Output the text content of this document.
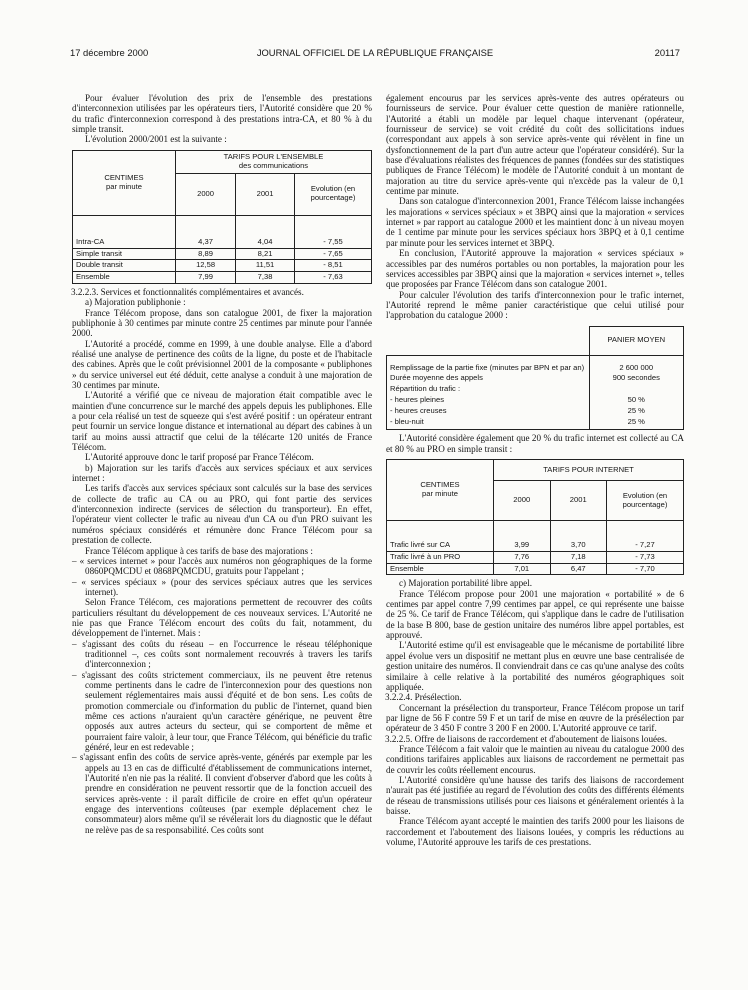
17 décembre 2000	JOURNAL OFFICIEL DE LA RÉPUBLIQUE FRANÇAISE	20117

Pour évaluer l'évolution des prix de l'ensemble des prestations d'interconnexion utilisées par les opérateurs tiers, l'Autorité considère que 20 % du trafic d'interconnexion correspond à des prestations intra-CA, et 80 % à du simple transit.

L'évolution 2000/2001 est la suivante :

CENTIMES
par minute	TARIFS POUR L'ENSEMBLE
des communications		
	2000	2001	Evolution (en pourcentage)
Intra-CA	4,37	4,04	- 7,55
Simple transit	8,89	8,21	- 7,65
Double transit	12,58	11,51	- 8,51
Ensemble	7,99	7,38	- 7,63

3.2.2.3. Services et fonctionnalités complémentaires et avancés.

a) Majoration publiphonie :

France Télécom propose, dans son catalogue 2001, de fixer la majoration publiphonie à 30 centimes par minute contre 25 centimes par minute pour l'année 2000.

L'Autorité a procédé, comme en 1999, à une double analyse. Elle a d'abord réalisé une analyse de pertinence des coûts de la ligne, du poste et de l'habitacle des cabines. Après que le coût prévisionnel 2001 de la composante « publiphones » du service universel eut été déduit, cette analyse a conduit à une majoration de 30 centimes par minute.

L'Autorité a vérifié que ce niveau de majoration était compatible avec le maintien d'une concurrence sur le marché des appels depuis les publiphones. Elle a pour cela réalisé un test de squeeze qui s'est avéré positif : un opérateur entrant peut fournir un service longue distance et international au départ des cabines à un tarif au moins aussi attractif que celui de la télécarte 120 unités de France Télécom.

L'Autorité approuve donc le tarif proposé par France Télécom.

b) Majoration sur les tarifs d'accès aux services spéciaux et aux services internet :

Les tarifs d'accès aux services spéciaux sont calculés sur la base des services de collecte de trafic au CA ou au PRO, qui font partie des services d'interconnexion indirecte (services de sélection du transporteur). En effet, l'opérateur vient collecter le trafic au niveau d'un CA ou d'un PRO suivant les numéros spéciaux considérés et rémunère donc France Télécom pour sa prestation de collecte.

France Télécom applique à ces tarifs de base des majorations :

– « services internet » pour l'accès aux numéros non géographiques de la forme 0860PQMCDU et 0868PQMCDU, gratuits pour l'appelant ;

– « services spéciaux » (pour des services spéciaux autres que les services internet).

Selon France Télécom, ces majorations permettent de recouvrer des coûts particuliers résultant du développement de ces nouveaux services. L'Autorité ne nie pas que France Télécom encourt des coûts du fait, notamment, du développement de l'internet. Mais :

– s'agissant des coûts du réseau – en l'occurrence le réseau téléphonique traditionnel –, ces coûts sont normalement recouvrés à travers les tarifs d'interconnexion ;

– s'agissant des coûts strictement commerciaux, ils ne peuvent être retenus comme pertinents dans le cadre de l'interconnexion pour des questions non seulement réglementaires mais aussi d'équité et de bon sens. Les coûts de promotion commerciale ou d'information du public de l'internet, quand bien même ces actions n'auraient qu'un caractère générique, ne peuvent être opposés aux autres acteurs du secteur, qui se comportent de même et pourraient faire valoir, à leur tour, que France Télécom, qui bénéficie du trafic généré, leur en est redevable ;

– s'agissant enfin des coûts de service après-vente, générés par exemple par les appels au 13 en cas de difficulté d'établissement de communications internet, l'Autorité n'en nie pas la réalité. Il convient d'observer d'abord que les coûts à prendre en considération ne peuvent ressortir que de la fonction accueil des services après-vente : il paraît difficile de croire en effet qu'un opérateur engage des interventions coûteuses (par exemple déplacement chez le consommateur) alors même qu'il se révélerait lors du diagnostic que le défaut ne relève pas de sa responsabilité. Ces coûts sont

également encourus par les services après-vente des autres opérateurs ou fournisseurs de service. Pour évaluer cette question de manière rationnelle, l'Autorité a établi un modèle par lequel chaque intervenant (opérateur, fournisseur de service) se voit crédité du coût des sollicitations indues (correspondant aux appels à son service après-vente qui révèlent in fine un dysfonctionnement de la part d'un autre acteur que l'opérateur considéré). Sur la base d'évaluations réalistes des fréquences de pannes (fondées sur des statistiques publiques de France Télécom) le modèle de l'Autorité conduit à un montant de majoration au titre du service après-vente qui n'excède pas la valeur de 0,1 centime par minute.

Dans son catalogue d'interconnexion 2001, France Télécom laisse inchangées les majorations « services spéciaux » et 3BPQ ainsi que la majoration « services internet » par rapport au catalogue 2000 et les maintient donc à un niveau moyen de 1 centime par minute pour les services spéciaux hors 3BPQ et à 0,1 centime par minute pour les services internet et 3BPQ.

En conclusion, l'Autorité approuve la majoration « services spéciaux » accessibles par des numéros portables ou non portables, la majoration pour les services accessibles par 3BPQ ainsi que la majoration « services internet », telles que proposées par France Télécom dans son catalogue 2001.

Pour calculer l'évolution des tarifs d'interconnexion pour le trafic internet, l'Autorité reprend le même panier caractéristique que celui utilisé pour l'approbation du catalogue 2000 :

	PANIER MOYEN
Remplissage de la partie fixe (minutes par BPN et par an)	2 600 000
Durée moyenne des appels	900 secondes
Répartition du trafic :	
- heures pleines	50 %
- heures creuses	25 %
- bleu-nuit	25 %

L'Autorité considère également que 20 % du trafic internet est collecté au CA et 80 % au PRO en simple transit :

CENTIMES
par minute	TARIFS POUR INTERNET		
	2000	2001	Evolution (en pourcentage)
Trafic livré sur CA	3,99	3,70	- 7,27
Trafic livré à un PRO	7,76	7,18	- 7,73
Ensemble	7,01	6,47	- 7,70

c) Majoration portabilité libre appel.

France Télécom propose pour 2001 une majoration « portabilité » de 6 centimes par appel contre 7,99 centimes par appel, ce qui représente une baisse de 25 %. Ce tarif de France Télécom, qui s'applique dans le cadre de l'utilisation de la base B 800, base de gestion unitaire des numéros libre appel portables, est approuvé.

L'Autorité estime qu'il est envisageable que le mécanisme de portabilité libre appel évolue vers un dispositif ne mettant plus en œuvre une base centralisée de gestion unitaire des numéros. Il conviendrait dans ce cas qu'une analyse des coûts similaire à celle relative à la portabilité des numéros géographiques soit appliquée.

3.2.2.4. Présélection.

Concernant la présélection du transporteur, France Télécom propose un tarif par ligne de 56 F contre 59 F et un tarif de mise en œuvre de la présélection par opérateur de 3 450 F contre 3 200 F en 2000. L'Autorité approuve ce tarif.

3.2.2.5. Offre de liaisons de raccordement et d'aboutement de liaisons louées.

France Télécom a fait valoir que le maintien au niveau du catalogue 2000 des conditions tarifaires applicables aux liaisons de raccordement ne permettait pas de couvrir les coûts réellement encourus.

L'Autorité considère qu'une hausse des tarifs des liaisons de raccordement n'aurait pas été justifiée au regard de l'évolution des coûts des différents éléments de réseau de transmissions utilisés pour ces liaisons et généralement orientés à la baisse.

France Télécom ayant accepté le maintien des tarifs 2000 pour les liaisons de raccordement et l'aboutement des liaisons louées, y compris les réductions au volume, l'Autorité approuve les tarifs de ces prestations.
